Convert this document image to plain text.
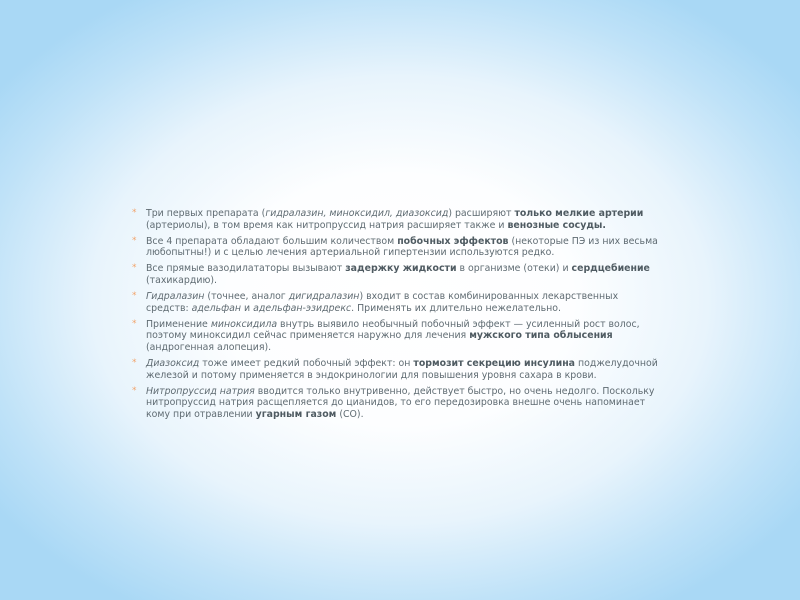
* Три первых препарата (гидралазин, миноксидил, диазоксид) расширяют только мелкие артерии (артериолы), в том время как нитропруссид натрия расширяет также и венозные сосуды.
* Все 4 препарата обладают большим количеством побочных эффектов (некоторые ПЭ из них весьма любопытны!) и с целью лечения артериальной гипертензии используются редко.
* Все прямые вазодилататоры вызывают задержку жидкости в организме (отеки) и сердцебиение (тахикардию).
* Гидралазин (точнее, аналог дигидралазин) входит в состав комбинированных лекарственных средств: адельфан и адельфан-эзидрекс. Применять их длительно нежелательно.
* Применение миноксидила внутрь выявило необычный побочный эффект — усиленный рост волос, поэтому миноксидил сейчас применяется наружно для лечения мужского типа облысения (андрогенная алопеция).
* Диазоксид тоже имеет редкий побочный эффект: он тормозит секрецию инсулина поджелудочной железой и потому применяется в эндокринологии для повышения уровня сахара в крови.
* Нитропруссид натрия вводится только внутривенно, действует быстро, но очень недолго. Поскольку нитропруссид натрия расщепляется до цианидов, то его передозировка внешне очень напоминает кому при отравлении угарным газом (СО).
